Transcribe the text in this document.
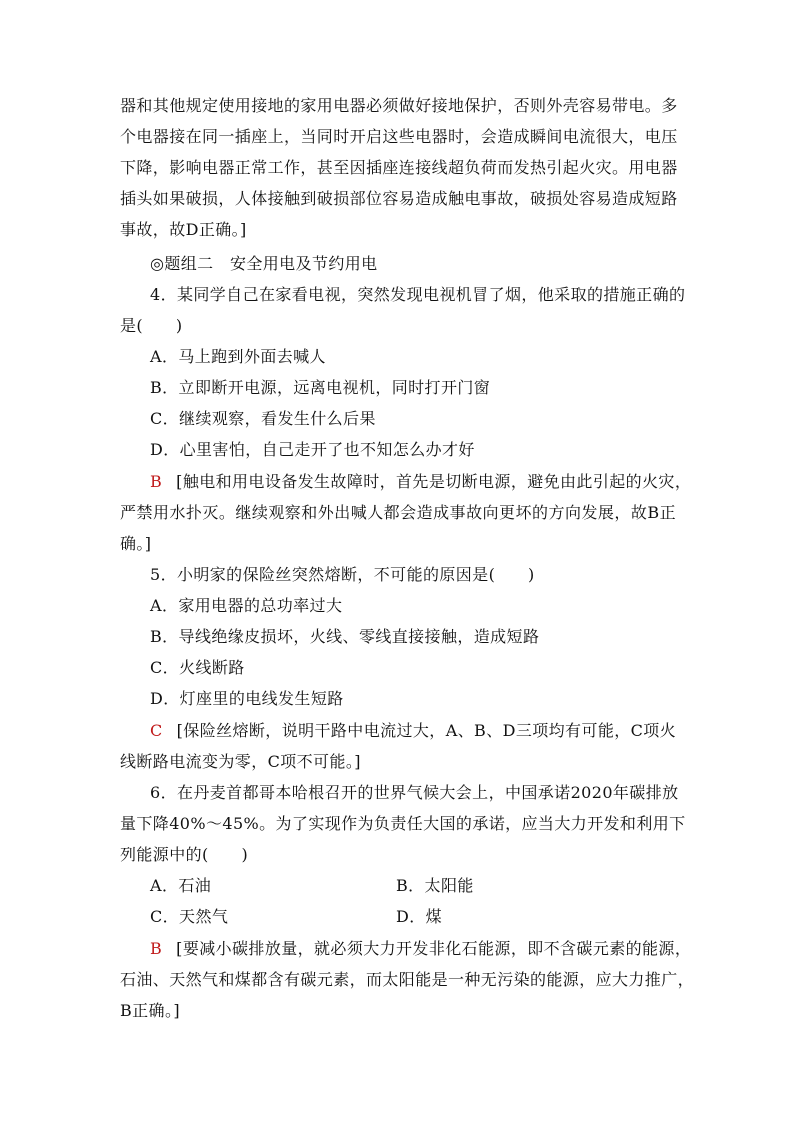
器和其他规定使用接地的家用电器必须做好接地保护，否则外壳容易带电。多
个电器接在同一插座上，当同时开启这些电器时，会造成瞬间电流很大，电压
下降，影响电器正常工作，甚至因插座连接线超负荷而发热引起火灾。用电器
插头如果破损，人体接触到破损部位容易造成触电事故，破损处容易造成短路
事故，故D正确。]
◎题组二　安全用电及节约用电
4．某同学自己在家看电视，突然发现电视机冒了烟，他采取的措施正确的
是(　　)
A．马上跑到外面去喊人
B．立即断开电源，远离电视机，同时打开门窗
C．继续观察，看发生什么后果
D．心里害怕，自己走开了也不知怎么办才好
B [触电和用电设备发生故障时，首先是切断电源，避免由此引起的火灾，
严禁用水扑灭。继续观察和外出喊人都会造成事故向更坏的方向发展，故B正
确。]
5．小明家的保险丝突然熔断，不可能的原因是(　　)
A．家用电器的总功率过大
B．导线绝缘皮损坏，火线、零线直接接触，造成短路
C．火线断路
D．灯座里的电线发生短路
C [保险丝熔断，说明干路中电流过大，A、B、D三项均有可能，C项火
线断路电流变为零，C项不可能。]
6．在丹麦首都哥本哈根召开的世界气候大会上，中国承诺2020年碳排放
量下降40%～45%。为了实现作为负责任大国的承诺，应当大力开发和利用下
列能源中的(　　)
A．石油	B．太阳能
C．天然气	D．煤
B [要减小碳排放量，就必须大力开发非化石能源，即不含碳元素的能源，
石油、天然气和煤都含有碳元素，而太阳能是一种无污染的能源，应大力推广，
B正确。]
